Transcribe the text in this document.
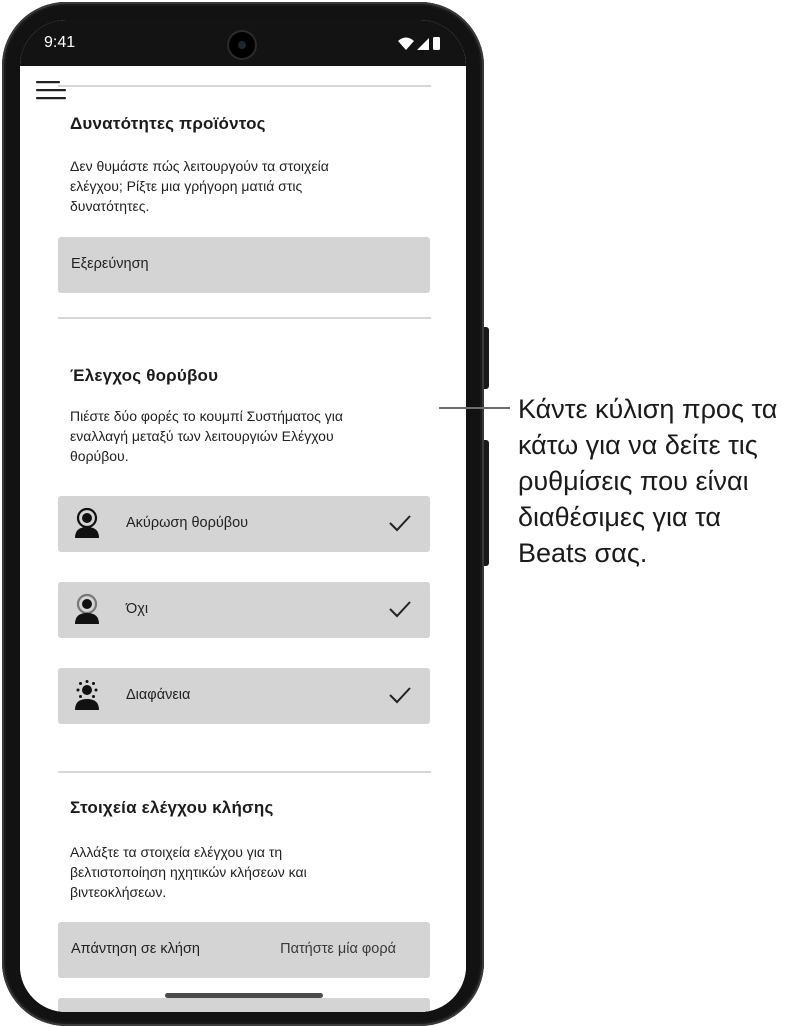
9:41
Δυνατότητες προϊόντος
Δεν θυμάστε πώς λειτουργούν τα στοιχεία
ελέγχου; Ρίξτε μια γρήγορη ματιά στις
δυνατότητες.
Εξερεύνηση
Έλεγχος θορύβου
Πιέστε δύο φορές το κουμπί Συστήματος για
εναλλαγή μεταξύ των λειτουργιών Ελέγχου
θορύβου.
Ακύρωση θορύβου
Όχι
Διαφάνεια
Στοιχεία ελέγχου κλήσης
Αλλάξτε τα στοιχεία ελέγχου για τη
βελτιστοποίηση ηχητικών κλήσεων και
βιντεοκλήσεων.
Απάντηση σε κλήση	Πατήστε μία φορά
Κάντε κύλιση προς τα
κάτω για να δείτε τις
ρυθμίσεις που είναι
διαθέσιμες για τα
Beats σας.
